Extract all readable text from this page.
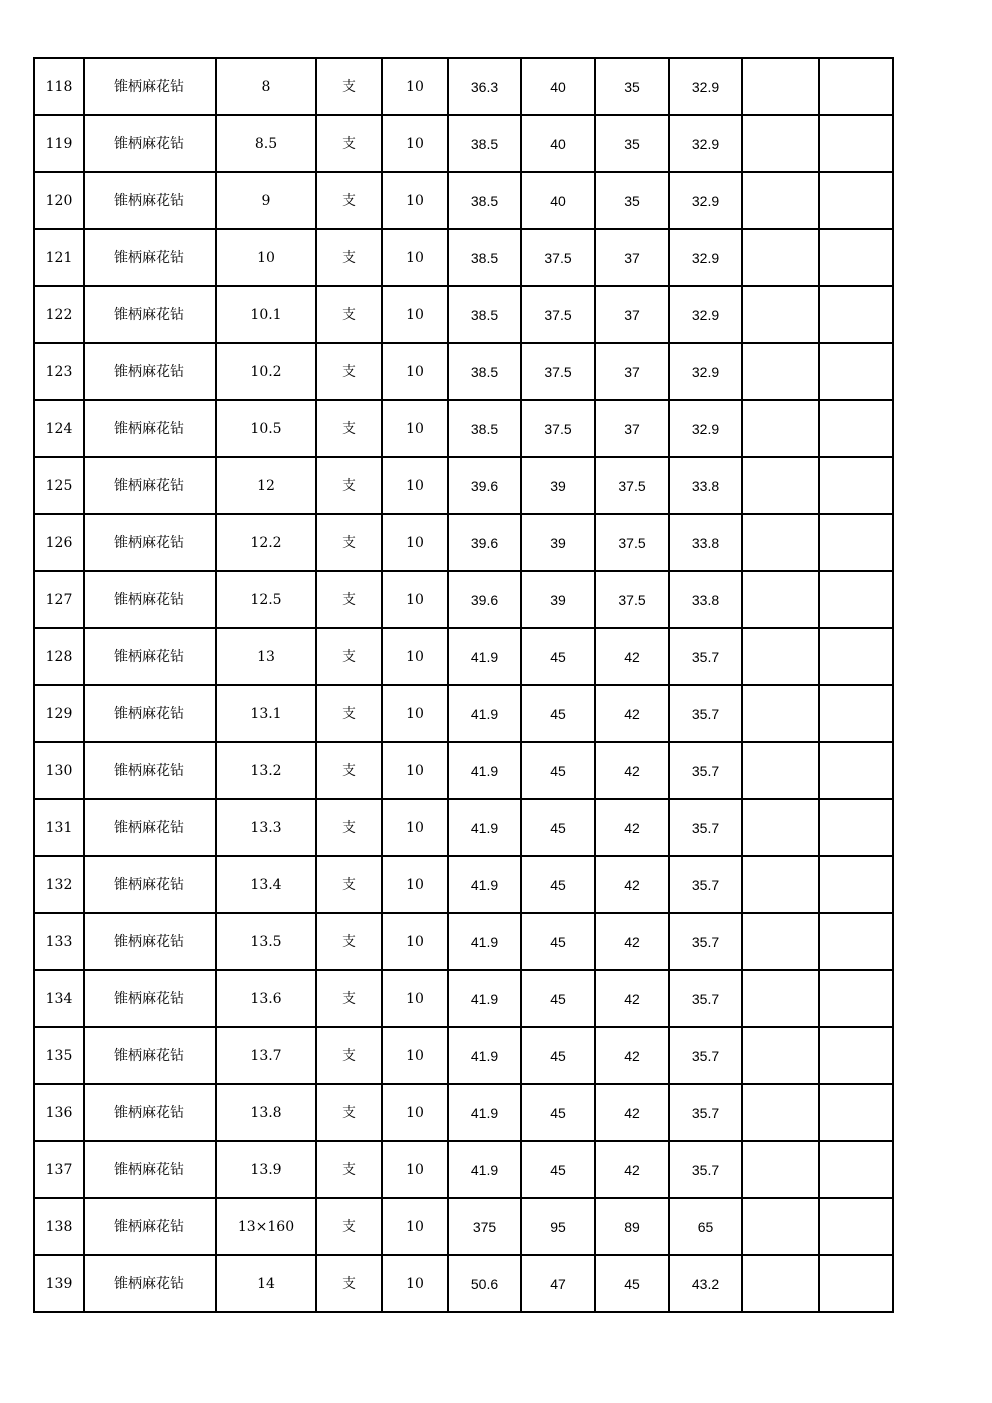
118	锥柄麻花钻	8	支	10	36.3	40	35	32.9		
119	锥柄麻花钻	8.5	支	10	38.5	40	35	32.9		
120	锥柄麻花钻	9	支	10	38.5	40	35	32.9		
121	锥柄麻花钻	10	支	10	38.5	37.5	37	32.9		
122	锥柄麻花钻	10.1	支	10	38.5	37.5	37	32.9		
123	锥柄麻花钻	10.2	支	10	38.5	37.5	37	32.9		
124	锥柄麻花钻	10.5	支	10	38.5	37.5	37	32.9		
125	锥柄麻花钻	12	支	10	39.6	39	37.5	33.8		
126	锥柄麻花钻	12.2	支	10	39.6	39	37.5	33.8		
127	锥柄麻花钻	12.5	支	10	39.6	39	37.5	33.8		
128	锥柄麻花钻	13	支	10	41.9	45	42	35.7		
129	锥柄麻花钻	13.1	支	10	41.9	45	42	35.7		
130	锥柄麻花钻	13.2	支	10	41.9	45	42	35.7		
131	锥柄麻花钻	13.3	支	10	41.9	45	42	35.7		
132	锥柄麻花钻	13.4	支	10	41.9	45	42	35.7		
133	锥柄麻花钻	13.5	支	10	41.9	45	42	35.7		
134	锥柄麻花钻	13.6	支	10	41.9	45	42	35.7		
135	锥柄麻花钻	13.7	支	10	41.9	45	42	35.7		
136	锥柄麻花钻	13.8	支	10	41.9	45	42	35.7		
137	锥柄麻花钻	13.9	支	10	41.9	45	42	35.7		
138	锥柄麻花钻	13×160	支	10	375	95	89	65		
139	锥柄麻花钻	14	支	10	50.6	47	45	43.2		
